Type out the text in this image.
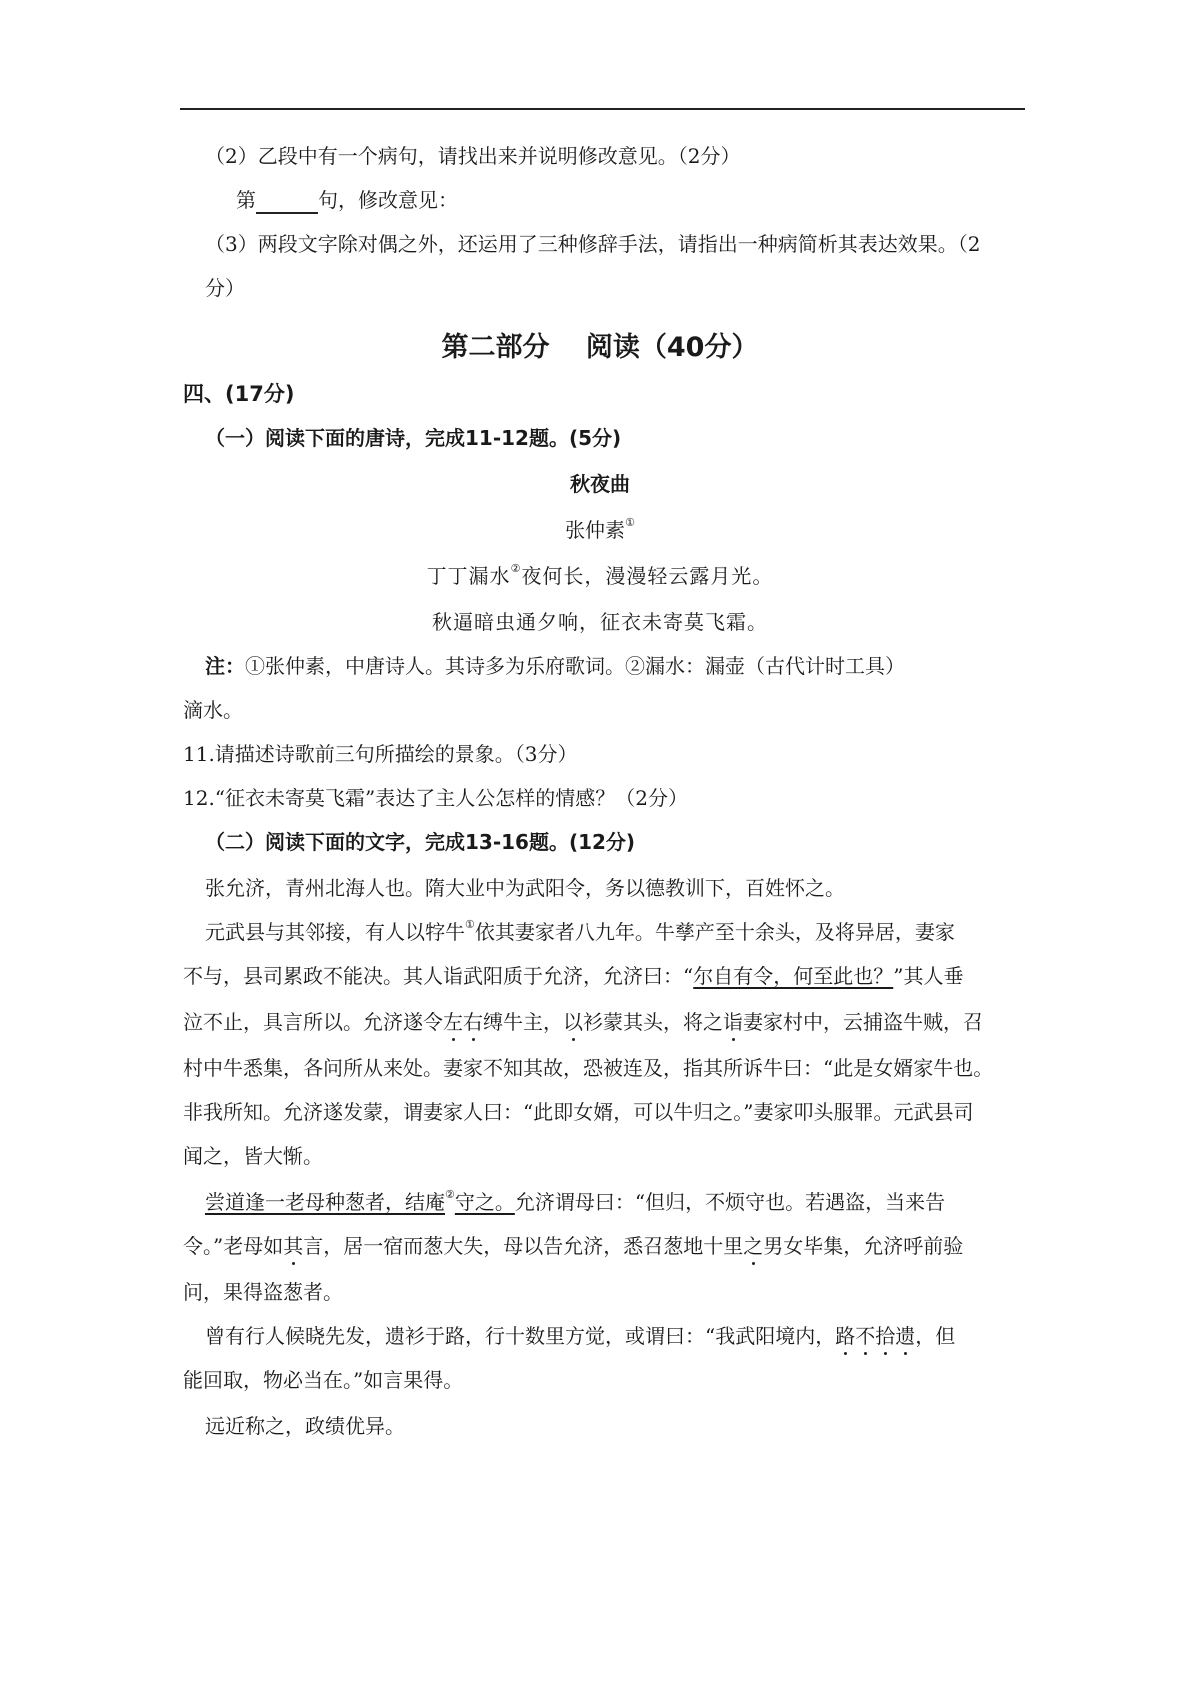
（2）乙段中有一个病句，请找出来并说明修改意见。（2分）
第	句，修改意见：
（3）两段文字除对偶之外，还运用了三种修辞手法，请指出一种病简析其表达效果。（2
分）
第二部分　 阅读（40分）
四、(17分)
（一）阅读下面的唐诗，完成11-12题。(5分)
秋夜曲
张仲素①
丁丁漏水②夜何长，漫漫轻云露月光。
秋逼暗虫通夕响，征衣未寄莫飞霜。
注：①张仲素，中唐诗人。其诗多为乐府歌词。②漏水：漏壶（古代计时工具）
滴水。
11.请描述诗歌前三句所描绘的景象。（3分）
12.“征衣未寄莫飞霜”表达了主人公怎样的情感？（2分）
（二）阅读下面的文字，完成13-16题。(12分)
张允济，青州北海人也。隋大业中为武阳令，务以德教训下，百姓怀之。
元武县与其邻接，有人以牸牛①依其妻家者八九年。牛孳产至十余头，及将异居，妻家
不与，县司累政不能决。其人诣武阳质于允济，允济曰：“尔自有令，何至此也？”其人垂
泣不止，具言所以。允济遂令左右缚牛主，以衫蒙其头，将之诣妻家村中，云捕盗牛贼，召
村中牛悉集，各问所从来处。妻家不知其故，恐被连及，指其所诉牛曰：“此是女婿家牛也。
非我所知。允济遂发蒙，谓妻家人曰：“此即女婿，可以牛归之。”妻家叩头服罪。元武县司
闻之，皆大惭。
尝道逢一老母种葱者，结庵②守之。允济谓母曰：“但归，不烦守也。若遇盗，当来告
令。”老母如其言，居一宿而葱大失，母以告允济，悉召葱地十里之男女毕集，允济呼前验
问，果得盗葱者。
曾有行人候晓先发，遗衫于路，行十数里方觉，或谓曰：“我武阳境内，路不拾遗，但
能回取，物必当在。”如言果得。
远近称之，政绩优异。
